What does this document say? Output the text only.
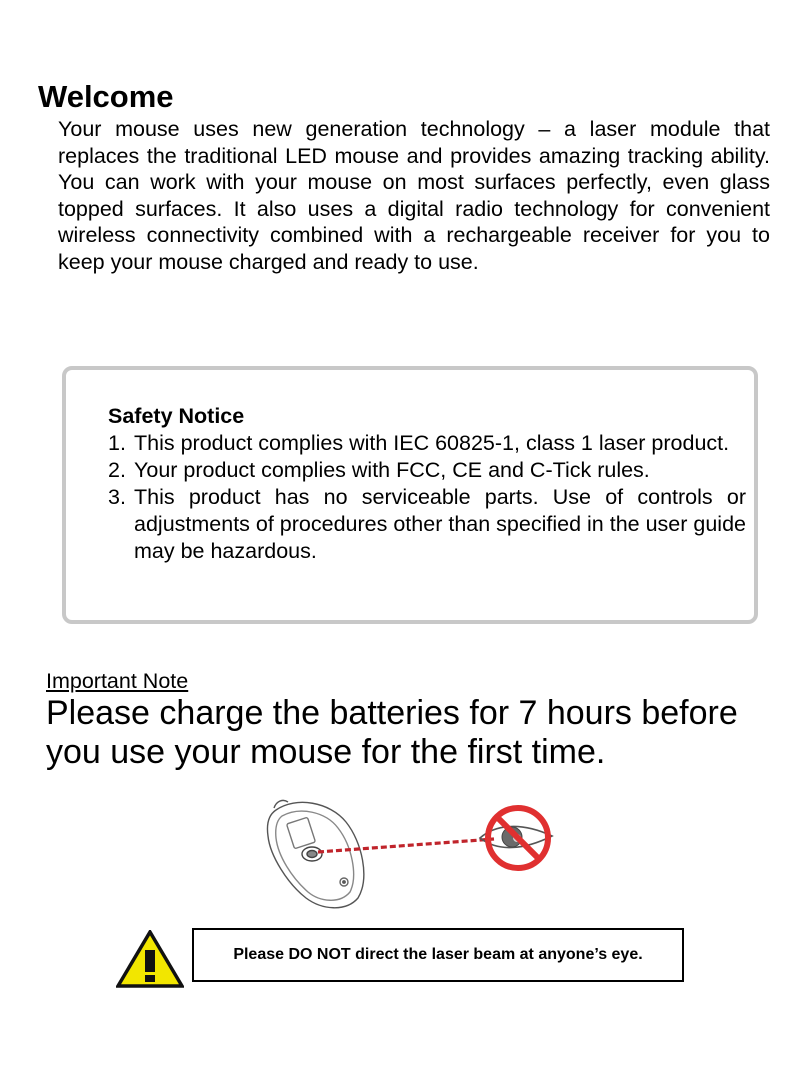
Welcome

Your mouse uses new generation technology – a laser module that replaces the traditional LED mouse and provides amazing tracking ability. You can work with your mouse on most surfaces perfectly, even glass topped surfaces. It also uses a digital radio technology for convenient wireless connectivity combined with a rechargeable receiver for you to keep your mouse charged and ready to use.

Safety Notice
1. This product complies with IEC 60825-1, class 1 laser product.
2. Your product complies with FCC, CE and C-Tick rules.
3. This product has no serviceable parts. Use of controls or adjustments of procedures other than specified in the user guide may be hazardous.
Important Note
Please charge the batteries for 7 hours before you use your mouse for the first time.
Please DO NOT direct the laser beam at anyone’s eye.
